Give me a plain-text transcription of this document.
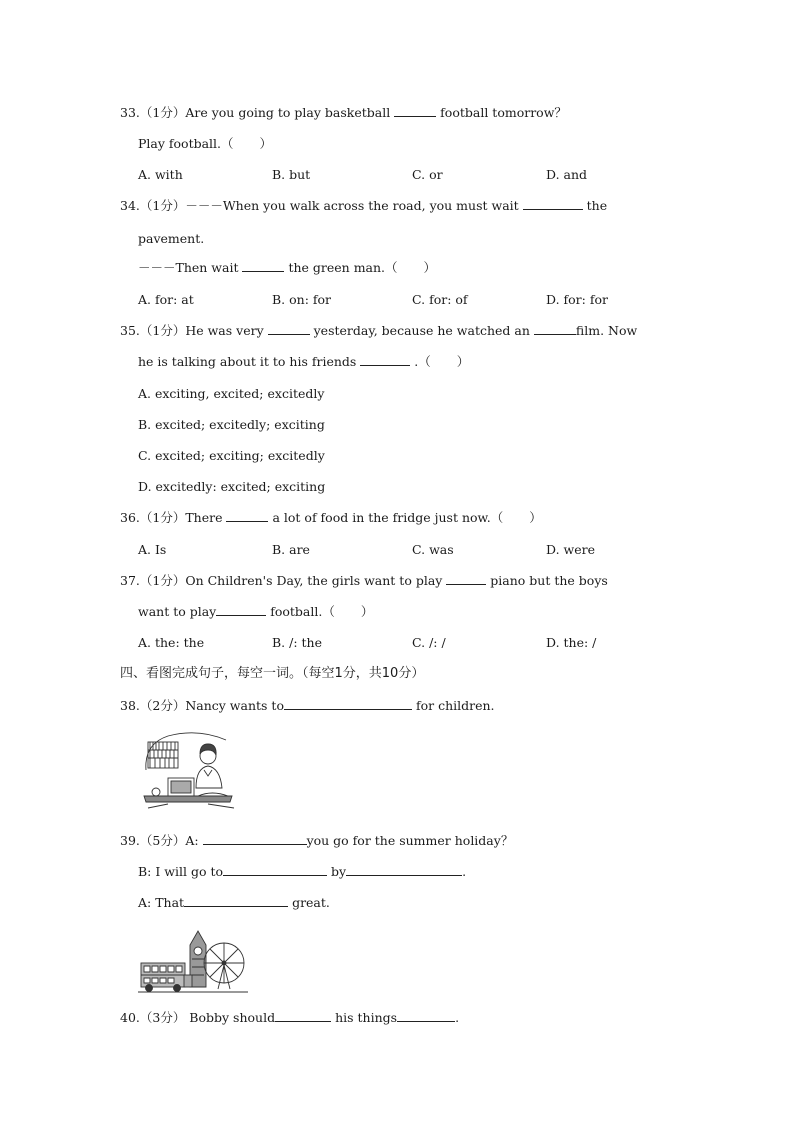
33.（1分）Are you going to play basketball	football tomorrow？
Play football.（ ）
A. with	B. but	C. or	D. and
34.（1分）－－－When you walk across the road, you must wait	the
pavement.
－－－Then wait	the green man.（ ）
A. for: at	B. on: for	C. for: of	D. for: for
35.（1分）He was very	yesterday, because he watched an	film. Now
he is talking about it to his friends	.（ ）
A. exciting, excited; excitedly
B. excited; excitedly; exciting
C. excited; exciting; excitedly
D. excitedly: excited; exciting
36.（1分）There	a lot of food in the fridge just now.（ ）
A. Is	B. are	C. was	D. were
37.（1分）On Children's Day, the girls want to play	piano but the boys
want to play	football.（ ）
A. the: the	B. /: the	C. /: /	D. the: /
四、看图完成句子，每空一词。（每空1分，共10分）
38.（2分）Nancy wants to	for children.
39.（5分）A:	you go for the summer holiday？
B: I will go to	by	.
A: That	great.
40.（3分） Bobby should	his things	.
